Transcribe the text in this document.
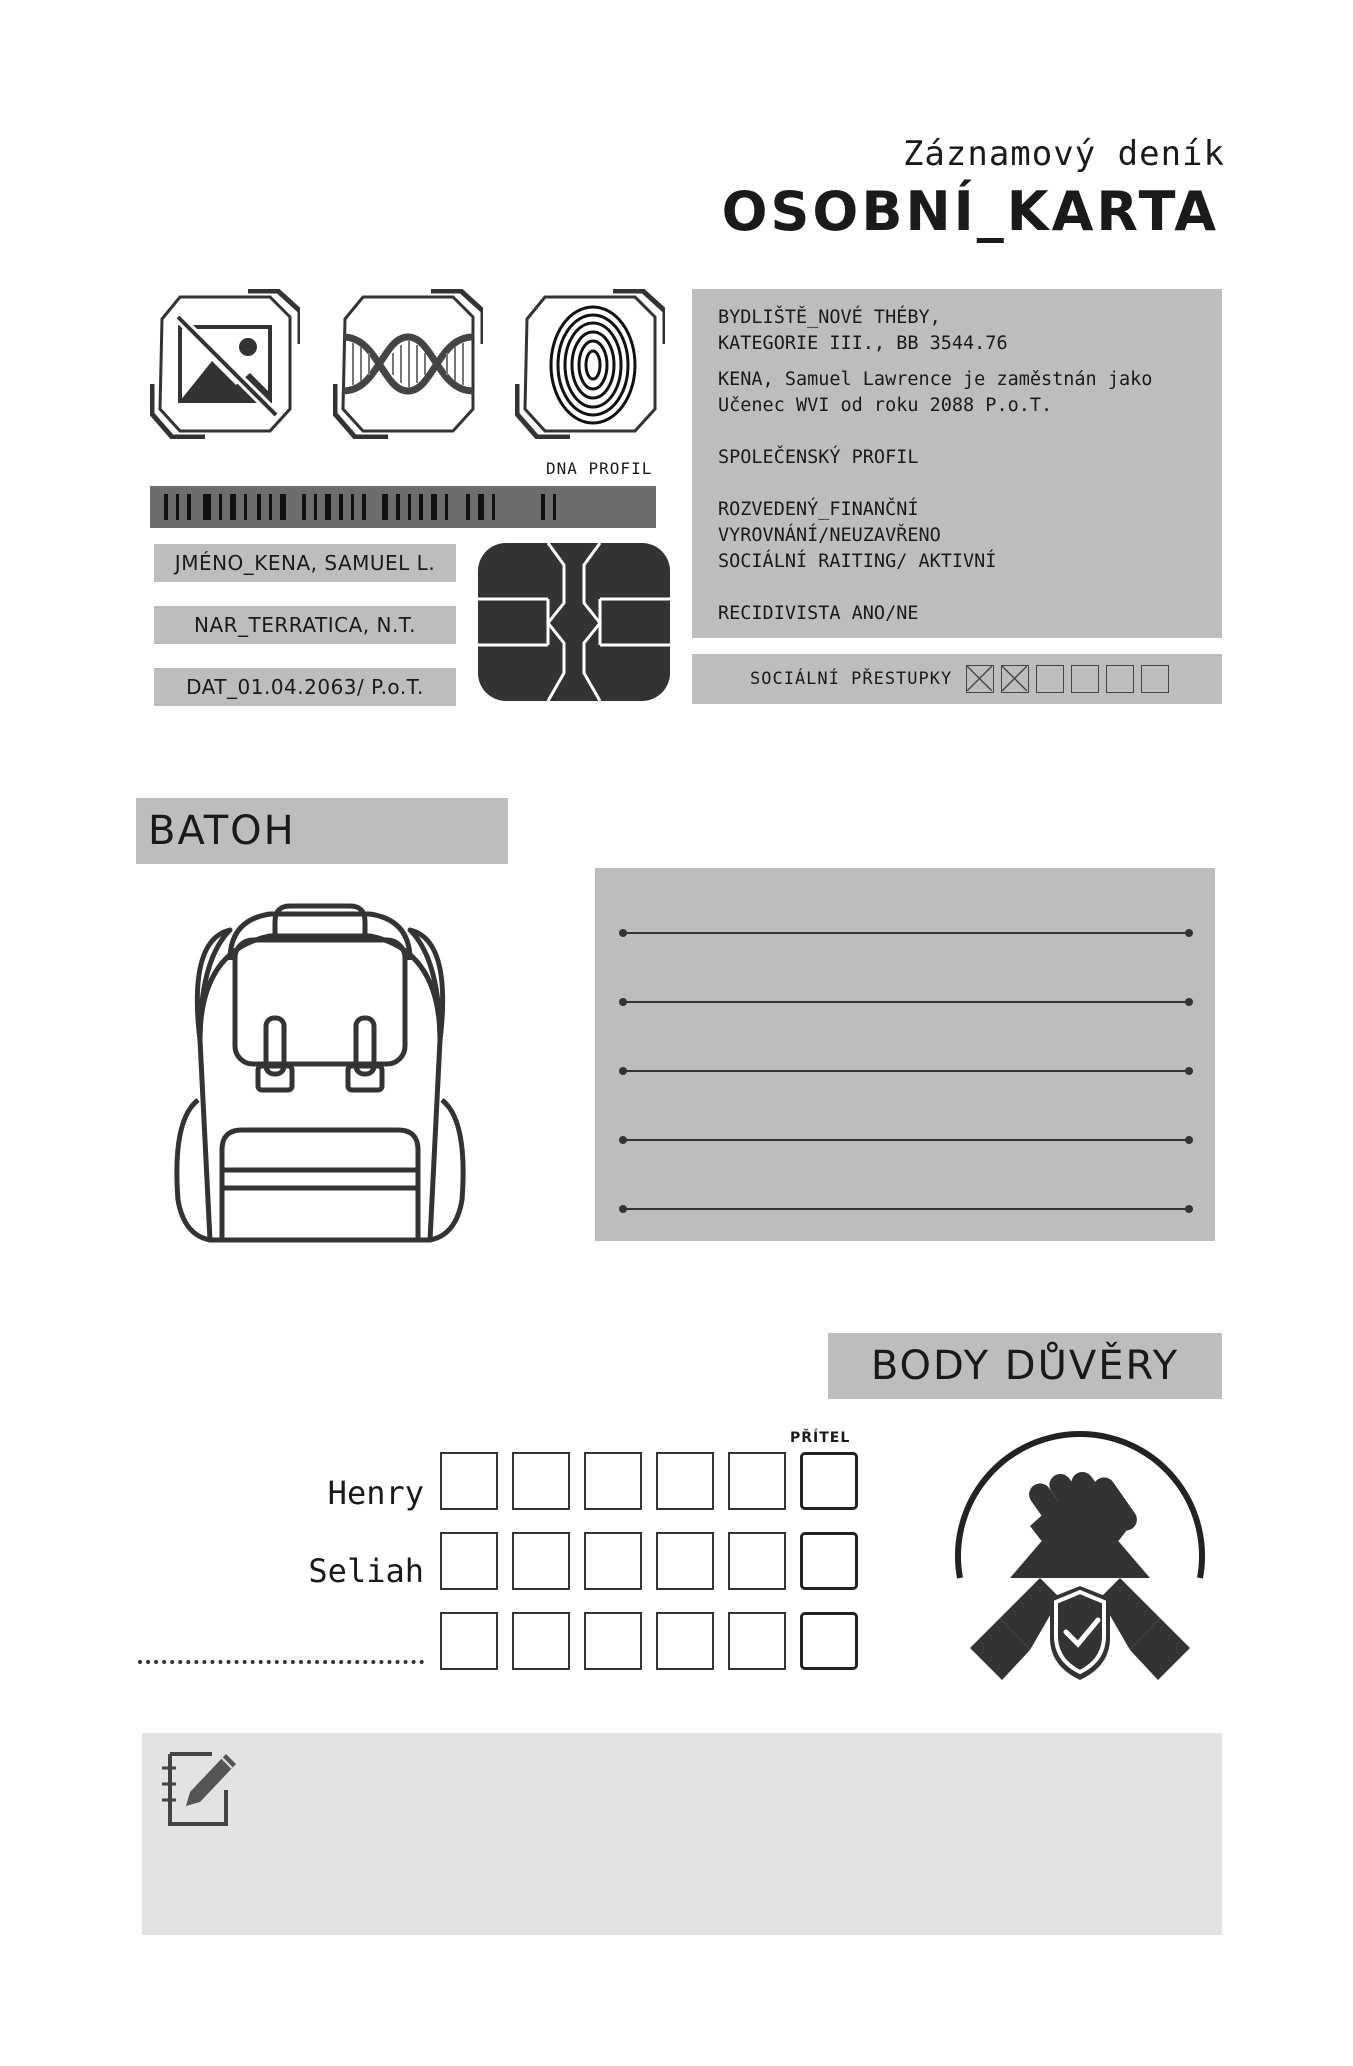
Záznamový deník
OSOBNÍ_KARTA
DNA PROFIL
JMÉNO_KENA, SAMUEL L.
NAR_TERRATICA, N.T.
DAT_01.04.2063/ P.o.T.

BYDLIŠTĚ_NOVÉ THÉBY,

KATEGORIE III., BB 3544.76

KENA, Samuel Lawrence je zaměstnán jako

Učenec WVI od roku 2088 P.o.T.

SPOLEČENSKÝ PROFIL

ROZVEDENÝ_FINANČNÍ

VYROVNÁNÍ/NEUZAVŘENO

SOCIÁLNÍ RAITING/ AKTIVNÍ

RECIDIVISTA ANO/NE

SOCIÁLNÍ PŘESTUPKY
BATOH
BODY DŮVĚRY
PŘÍTEL
Henry
Seliah
